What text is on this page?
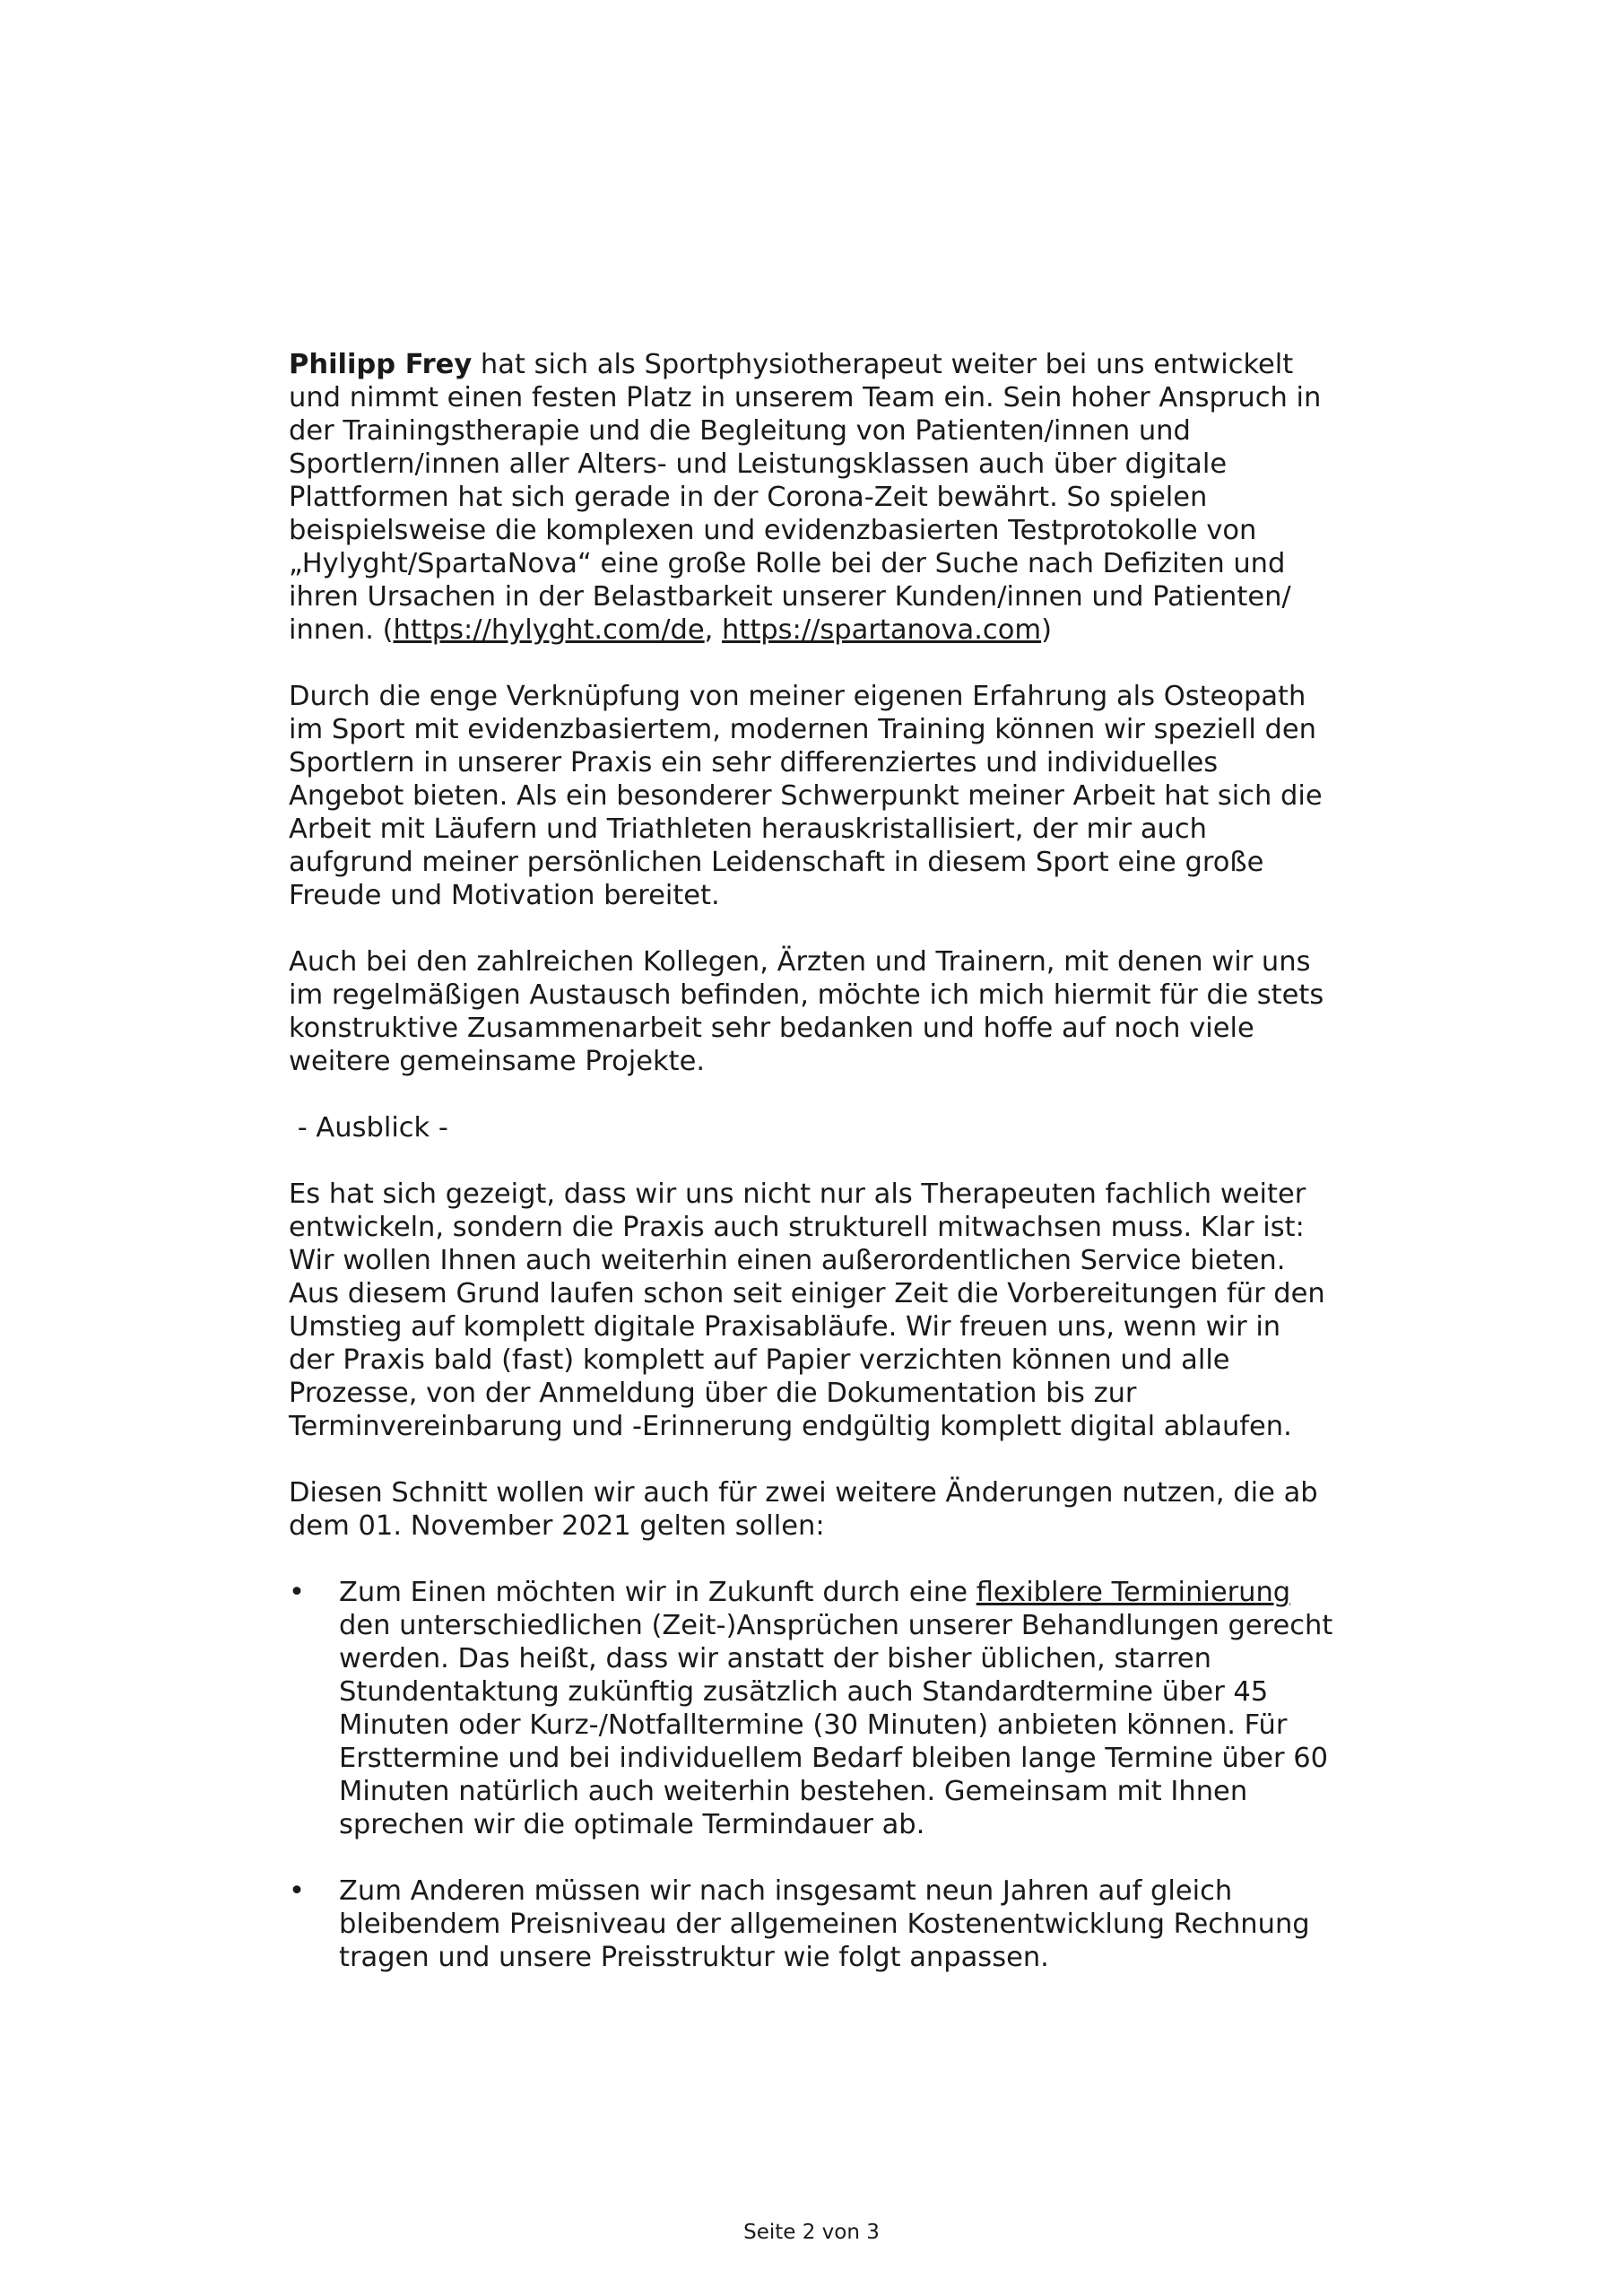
Philipp Frey hat sich als Sportphysiotherapeut weiter bei uns entwickelt
und nimmt einen festen Platz in unserem Team ein. Sein hoher Anspruch in
der Trainingstherapie und die Begleitung von Patienten/innen und
Sportlern/innen aller Alters- und Leistungsklassen auch über digitale
Plattformen hat sich gerade in der Corona-Zeit bewährt. So spielen
beispielsweise die komplexen und evidenzbasierten Testprotokolle von
„Hylyght/SpartaNova“ eine große Rolle bei der Suche nach Defiziten und
ihren Ursachen in der Belastbarkeit unserer Kunden/innen und Patienten/
innen. (https://hylyght.com/de, https://spartanova.com)

Durch die enge Verknüpfung von meiner eigenen Erfahrung als Osteopath
im Sport mit evidenzbasiertem, modernen Training können wir speziell den
Sportlern in unserer Praxis ein sehr differenziertes und individuelles
Angebot bieten. Als ein besonderer Schwerpunkt meiner Arbeit hat sich die
Arbeit mit Läufern und Triathleten herauskristallisiert, der mir auch
aufgrund meiner persönlichen Leidenschaft in diesem Sport eine große
Freude und Motivation bereitet.

Auch bei den zahlreichen Kollegen, Ärzten und Trainern, mit denen wir uns
im regelmäßigen Austausch befinden, möchte ich mich hiermit für die stets
konstruktive Zusammenarbeit sehr bedanken und hoffe auf noch viele
weitere gemeinsame Projekte.

- Ausblick -

Es hat sich gezeigt, dass wir uns nicht nur als Therapeuten fachlich weiter
entwickeln, sondern die Praxis auch strukturell mitwachsen muss. Klar ist:
Wir wollen Ihnen auch weiterhin einen außerordentlichen Service bieten.
Aus diesem Grund laufen schon seit einiger Zeit die Vorbereitungen für den
Umstieg auf komplett digitale Praxisabläufe. Wir freuen uns, wenn wir in
der Praxis bald (fast) komplett auf Papier verzichten können und alle
Prozesse, von der Anmeldung über die Dokumentation bis zur
Terminvereinbarung und -Erinnerung endgültig komplett digital ablaufen.

Diesen Schnitt wollen wir auch für zwei weitere Änderungen nutzen, die ab
dem 01. November 2021 gelten sollen:

• Zum Einen möchten wir in Zukunft durch eine flexiblere Terminierung
den unterschiedlichen (Zeit-)Ansprüchen unserer Behandlungen gerecht
werden. Das heißt, dass wir anstatt der bisher üblichen, starren
Stundentaktung zukünftig zusätzlich auch Standardtermine über 45
Minuten oder Kurz-/Notfalltermine (30 Minuten) anbieten können. Für
Ersttermine und bei individuellem Bedarf bleiben lange Termine über 60
Minuten natürlich auch weiterhin bestehen. Gemeinsam mit Ihnen
sprechen wir die optimale Termindauer ab.
• Zum Anderen müssen wir nach insgesamt neun Jahren auf gleich
bleibendem Preisniveau der allgemeinen Kostenentwicklung Rechnung
tragen und unsere Preisstruktur wie folgt anpassen.
Seite 2 von 3
